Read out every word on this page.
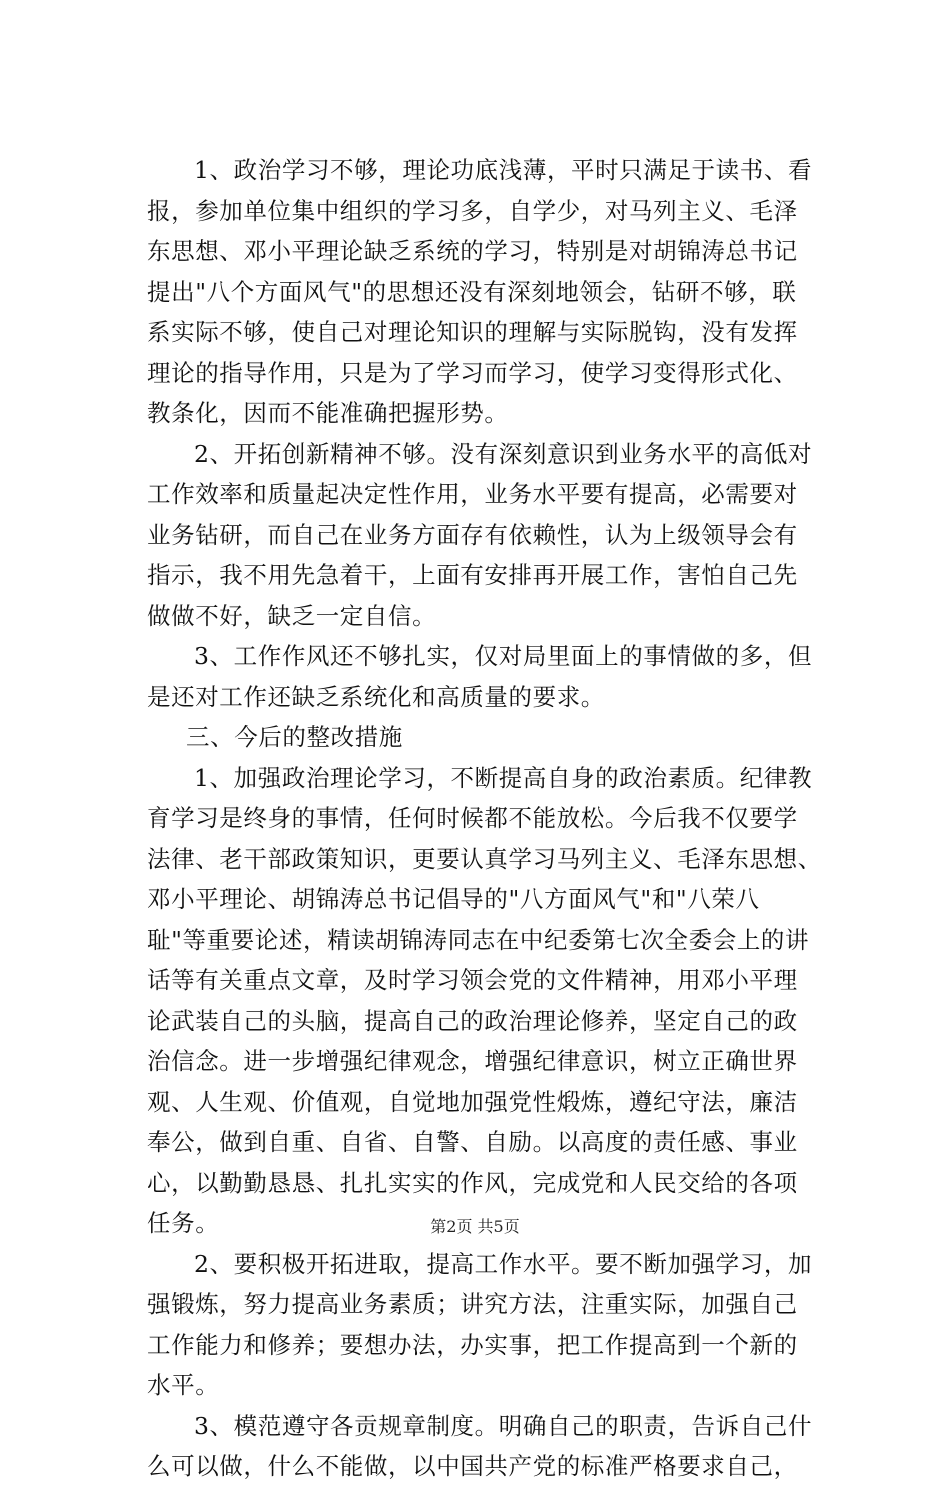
1、政治学习不够，理论功底浅薄，平时只满足于读书、看
报，参加单位集中组织的学习多，自学少，对马列主义、毛泽
东思想、邓小平理论缺乏系统的学习，特别是对胡锦涛总书记
提出"八个方面风气"的思想还没有深刻地领会，钻研不够，联
系实际不够，使自己对理论知识的理解与实际脱钩，没有发挥
理论的指导作用，只是为了学习而学习，使学习变得形式化、
教条化，因而不能准确把握形势。
2、开拓创新精神不够。没有深刻意识到业务水平的高低对
工作效率和质量起决定性作用，业务水平要有提高，必需要对
业务钻研，而自己在业务方面存有依赖性，认为上级领导会有
指示，我不用先急着干，上面有安排再开展工作，害怕自己先
做做不好，缺乏一定自信。
3、工作作风还不够扎实，仅对局里面上的事情做的多，但
是还对工作还缺乏系统化和高质量的要求。
三、今后的整改措施
1、加强政治理论学习，不断提高自身的政治素质。纪律教
育学习是终身的事情，任何时候都不能放松。今后我不仅要学
法律、老干部政策知识，更要认真学习马列主义、毛泽东思想、
邓小平理论、胡锦涛总书记倡导的"八方面风气"和"八荣八
耻"等重要论述，精读胡锦涛同志在中纪委第七次全委会上的讲
话等有关重点文章，及时学习领会党的文件精神，用邓小平理
论武装自己的头脑，提高自己的政治理论修养，坚定自己的政
治信念。进一步增强纪律观念，增强纪律意识，树立正确世界
观、人生观、价值观，自觉地加强党性煅炼，遵纪守法，廉洁
奉公，做到自重、自省、自警、自励。以高度的责任感、事业
心，以勤勤恳恳、扎扎实实的作风，完成党和人民交给的各项
任务。
2、要积极开拓进取，提高工作水平。要不断加强学习，加
强锻炼，努力提高业务素质；讲究方法，注重实际，加强自己
工作能力和修养；要想办法，办实事，把工作提高到一个新的
水平。
3、模范遵守各贡规章制度。明确自己的职责，告诉自己什
么可以做，什么不能做，以中国共产党的标准严格要求自己，
第2页 共5页
